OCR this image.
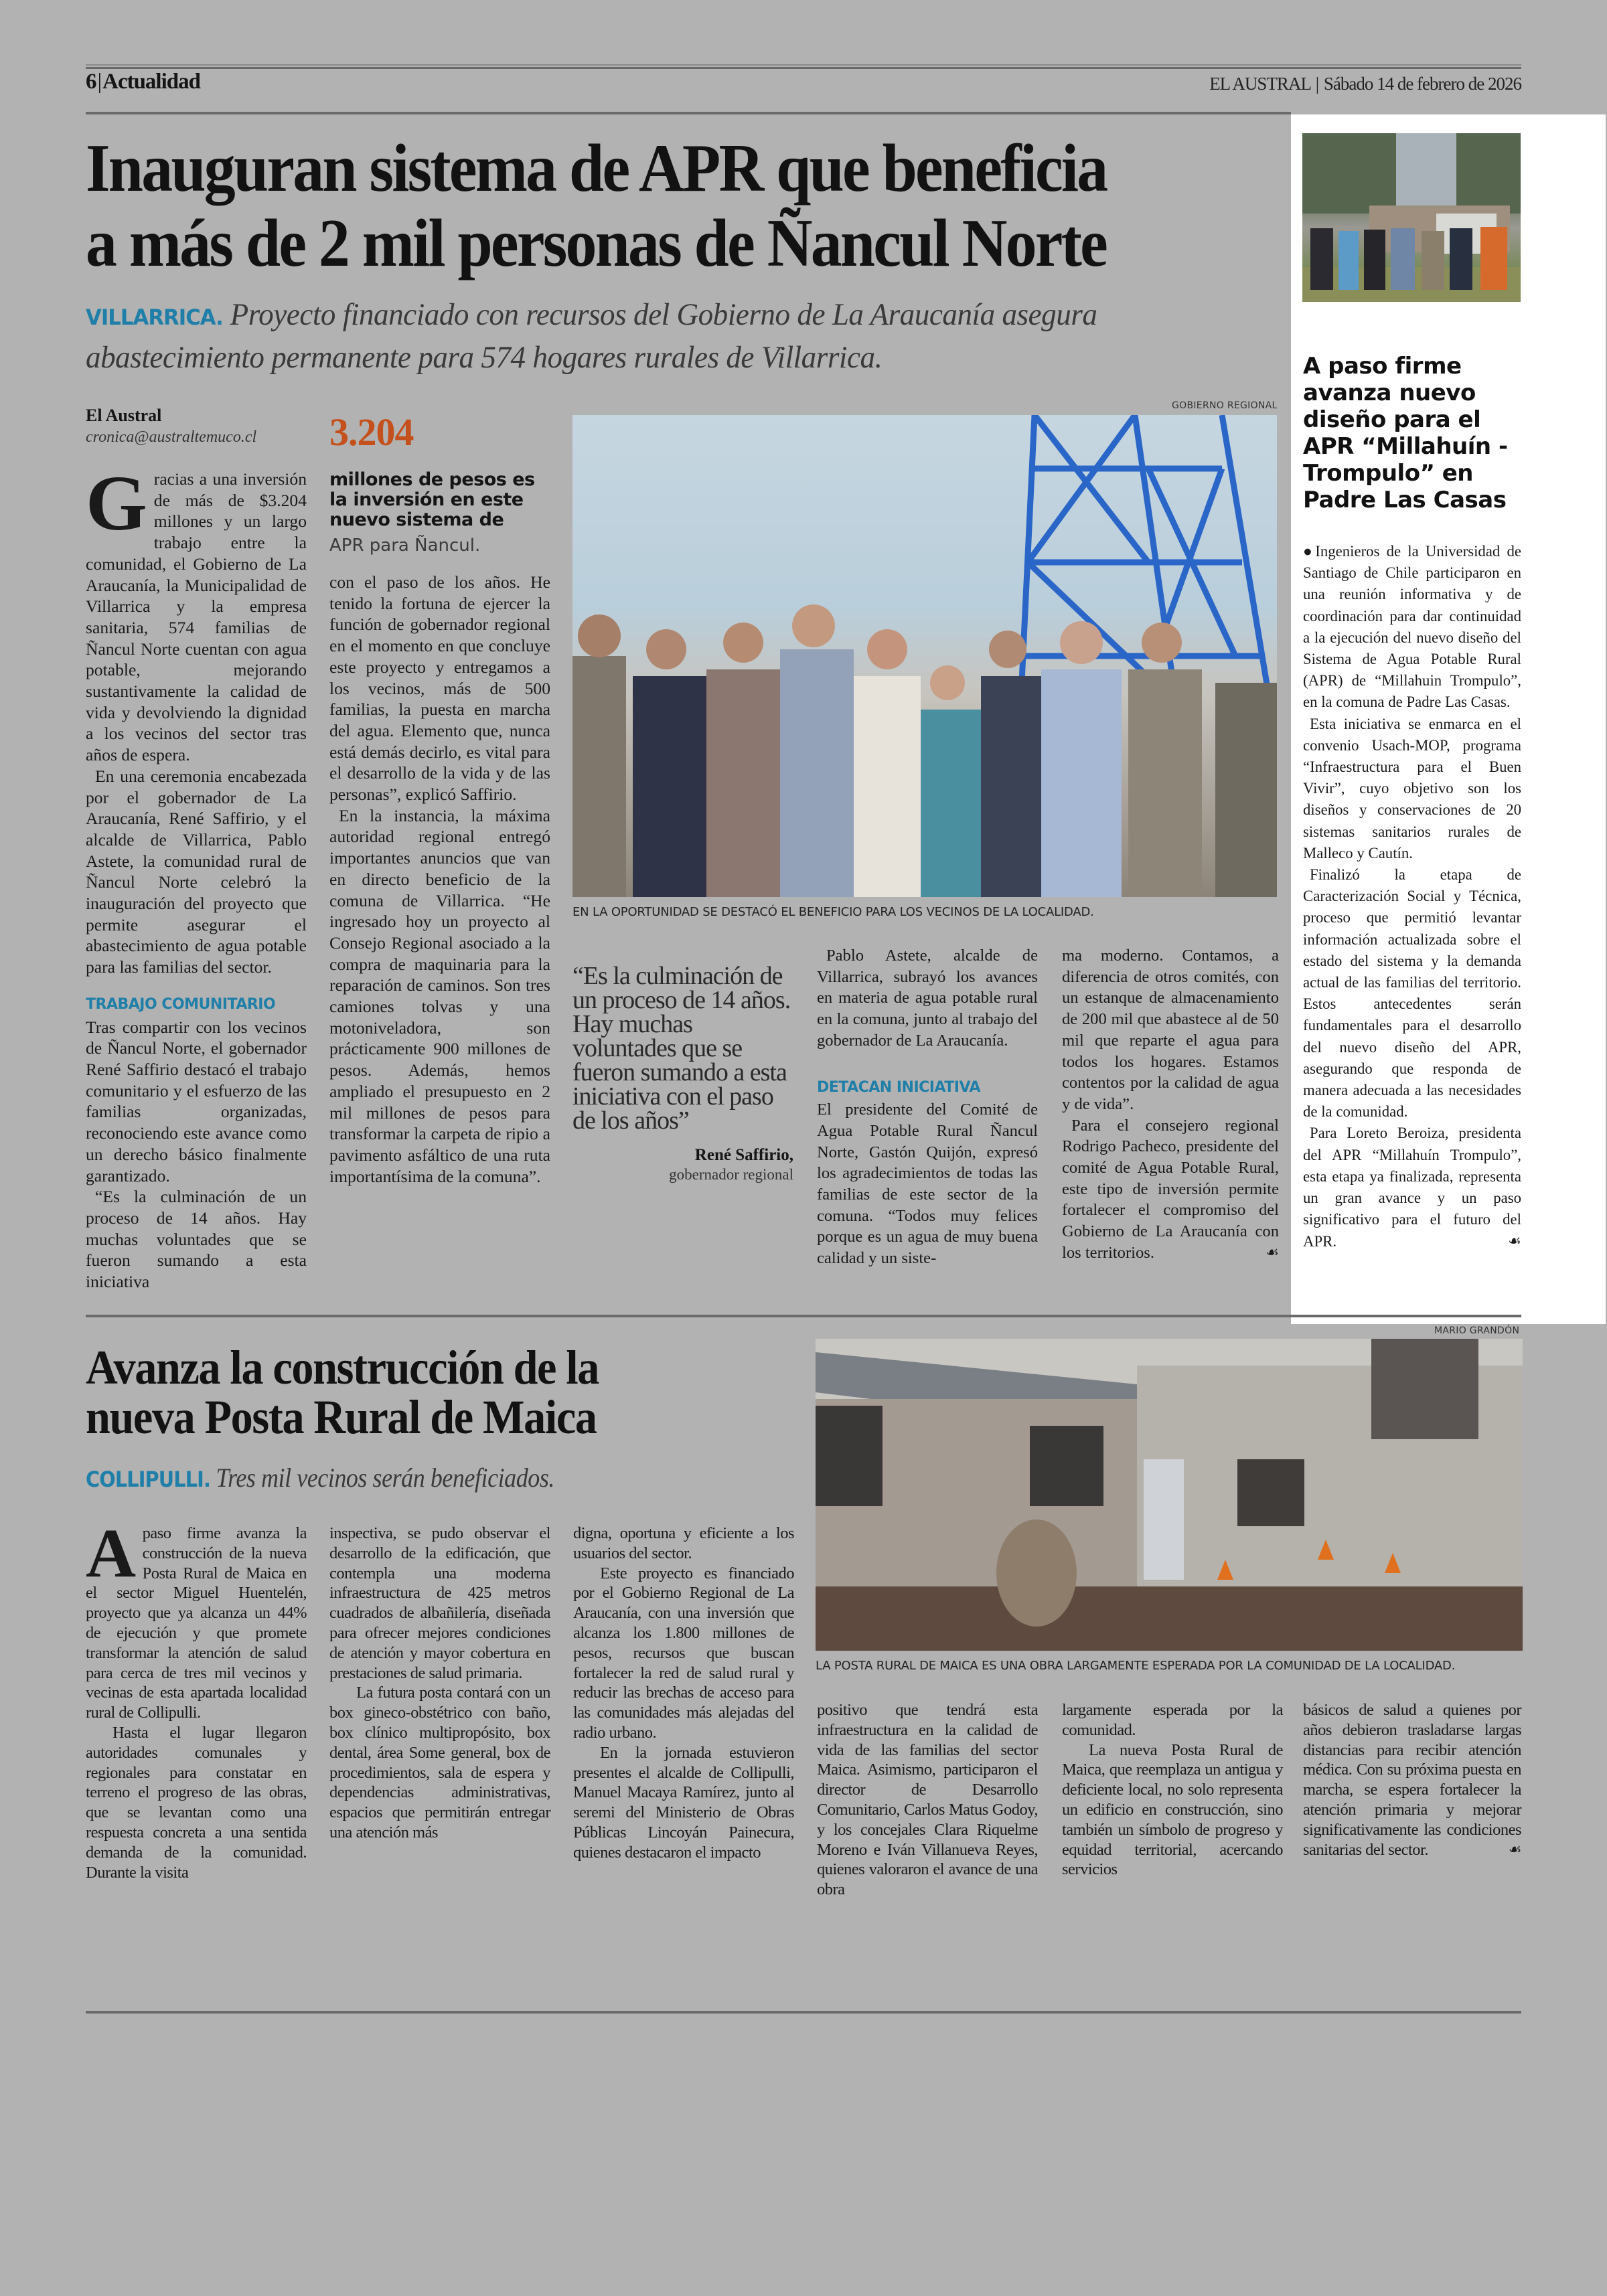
6|Actualidad	EL AUSTRAL | Sábado 14 de febrero de 2026
Inauguran sistema de APR que beneficia
a más de 2 mil personas de Ñancul Norte
VILLARRICA. Proyecto financiado con recursos del Gobierno de La Araucanía asegura abastecimiento permanente para 574 hogares rurales de Villarrica.
El Austral
cronica@australtemuco.cl 3.204
millones de pesos es la inversión en este nuevo sistema de
APR para Ñancul.

Gracias a una inversión de más de $3.204 millones y un largo trabajo entre la comunidad, el Gobierno de La Araucanía, la Municipalidad de Villarrica y la empresa sanitaria, 574 familias de Ñancul Norte cuentan con agua potable, mejorando sustantivamente la calidad de vida y devolviendo la dignidad a los vecinos del sector tras años de espera.

En una ceremonia encabezada por el gobernador de La Araucanía, René Saffirio, y el alcalde de Villarrica, Pablo Astete, la comunidad rural de Ñancul Norte celebró la inauguración del proyecto que permite asegurar el abastecimiento de agua potable para las familias del sector.

TRABAJO COMUNITARIO

Tras compartir con los vecinos de Ñancul Norte, el gobernador René Saffirio destacó el trabajo comunitario y el esfuerzo de las familias organizadas, reconociendo este avance como un derecho básico finalmente garantizado.

“Es la culminación de un proceso de 14 años. Hay muchas voluntades que se fueron sumando a esta iniciativa

con el paso de los años. He tenido la fortuna de ejercer la función de gobernador regional en el momento en que concluye este proyecto y entregamos a los vecinos, más de 500 familias, la puesta en marcha del agua. Elemento que, nunca está demás decirlo, es vital para el desarrollo de la vida y de las personas”, explicó Saffirio.

En la instancia, la máxima autoridad regional entregó importantes anuncios que van en directo beneficio de la comuna de Villarrica. “He ingresado hoy un proyecto al Consejo Regional asociado a la compra de maquinaria para la reparación de caminos. Son tres camiones tolvas y una motoniveladora, son prácticamente 900 millones de pesos. Además, hemos ampliado el presupuesto en 2 mil millones de pesos para transformar la carpeta de ripio a pavimento asfáltico de una ruta importantísima de la comuna”.

GOBIERNO REGIONAL
EN LA OPORTUNIDAD SE DESTACÓ EL BENEFICIO PARA LOS VECINOS DE LA LOCALIDAD.
“Es la culminación de un proceso de 14 años. Hay muchas voluntades que se fueron sumando a esta iniciativa con el paso de los años”
René Saffirio,
gobernador regional

Pablo Astete, alcalde de Villarrica, subrayó los avances en materia de agua potable rural en la comuna, junto al trabajo del gobernador de La Araucanía.

DETACAN INICIATIVA

El presidente del Comité de Agua Potable Rural Ñancul Norte, Gastón Quijón, expresó los agradecimientos de todas las familias de este sector de la comuna. “Todos muy felices porque es un agua de muy buena calidad y un siste-

ma moderno. Contamos, a diferencia de otros comités, con un estanque de almacenamiento de 200 mil que abastece al de 50 mil que reparte el agua para todos los hogares. Estamos contentos por la calidad de agua y de vida”.

Para el consejero regional Rodrigo Pacheco, presidente del comité de Agua Potable Rural, este tipo de inversión permite fortalecer el compromiso del Gobierno de La Araucanía con los territorios.	☙

A paso firme avanza nuevo diseño para el APR “Millahuín - Trompulo” en Padre Las Casas

●Ingenieros de la Universidad de Santiago de Chile participaron en una reunión informativa y de coordinación para dar continuidad a la ejecución del nuevo diseño del Sistema de Agua Potable Rural (APR) de “Millahuin Trompulo”, en la comuna de Padre Las Casas.

Esta iniciativa se enmarca en el convenio Usach-MOP, programa “Infraestructura para el Buen Vivir”, cuyo objetivo son los diseños y conservaciones de 20 sistemas sanitarios rurales de Malleco y Cautín.

Finalizó la etapa de Caracterización Social y Técnica, proceso que permitió levantar información actualizada sobre el estado del sistema y la demanda actual de las familias del territorio. Estos antecedentes serán fundamentales para el desarrollo del nuevo diseño del APR, asegurando que responda de manera adecuada a las necesidades de la comunidad.

Para Loreto Beroiza, presidenta del APR “Millahuín Trompulo”, esta etapa ya finalizada, representa un gran avance y un paso significativo para el futuro del APR.	☙

Avanza la construcción de la
nueva Posta Rural de Maica
COLLIPULLI. Tres mil vecinos serán beneficiados.
MARIO GRANDÓN
LA POSTA RURAL DE MAICA ES UNA OBRA LARGAMENTE ESPERADA POR LA COMUNIDAD DE LA LOCALIDAD.

Apaso firme avanza la construcción de la nueva Posta Rural de Maica en el sector Miguel Huentelén, proyecto que ya alcanza un 44% de ejecución y que promete transformar la atención de salud para cerca de tres mil vecinos y vecinas de esta apartada localidad rural de Collipulli.

Hasta el lugar llegaron autoridades comunales y regionales para constatar en terreno el progreso de las obras, que se levantan como una respuesta concreta a una sentida demanda de la comunidad. Durante la visita

inspectiva, se pudo observar el desarrollo de la edificación, que contempla una moderna infraestructura de 425 metros cuadrados de albañilería, diseñada para ofrecer mejores condiciones de atención y mayor cobertura en prestaciones de salud primaria.

La futura posta contará con un box gineco-obstétrico con baño, box clínico multipropósito, box dental, área Some general, box de procedimientos, sala de espera y dependencias administrativas, espacios que permitirán entregar una atención más

digna, oportuna y eficiente a los usuarios del sector.

Este proyecto es financiado por el Gobierno Regional de La Araucanía, con una inversión que alcanza los 1.800 millones de pesos, recursos que buscan fortalecer la red de salud rural y reducir las brechas de acceso para las comunidades más alejadas del radio urbano.

En la jornada estuvieron presentes el alcalde de Collipulli, Manuel Macaya Ramírez, junto al seremi del Ministerio de Obras Públicas Lincoyán Painecura, quienes destacaron el impacto

positivo que tendrá esta infraestructura en la calidad de vida de las familias del sector Maica. Asimismo, participaron el director de Desarrollo Comunitario, Carlos Matus Godoy, y los concejales Clara Riquelme Moreno e Iván Villanueva Reyes, quienes valoraron el avance de una obra

largamente esperada por la comunidad.

La nueva Posta Rural de Maica, que reemplaza un antigua y deficiente local, no solo representa un edificio en construcción, sino también un símbolo de progreso y equidad territorial, acercando servicios

básicos de salud a quienes por años debieron trasladarse largas distancias para recibir atención médica. Con su próxima puesta en marcha, se espera fortalecer la atención primaria y mejorar significativamente las condiciones sanitarias del sector.	☙
